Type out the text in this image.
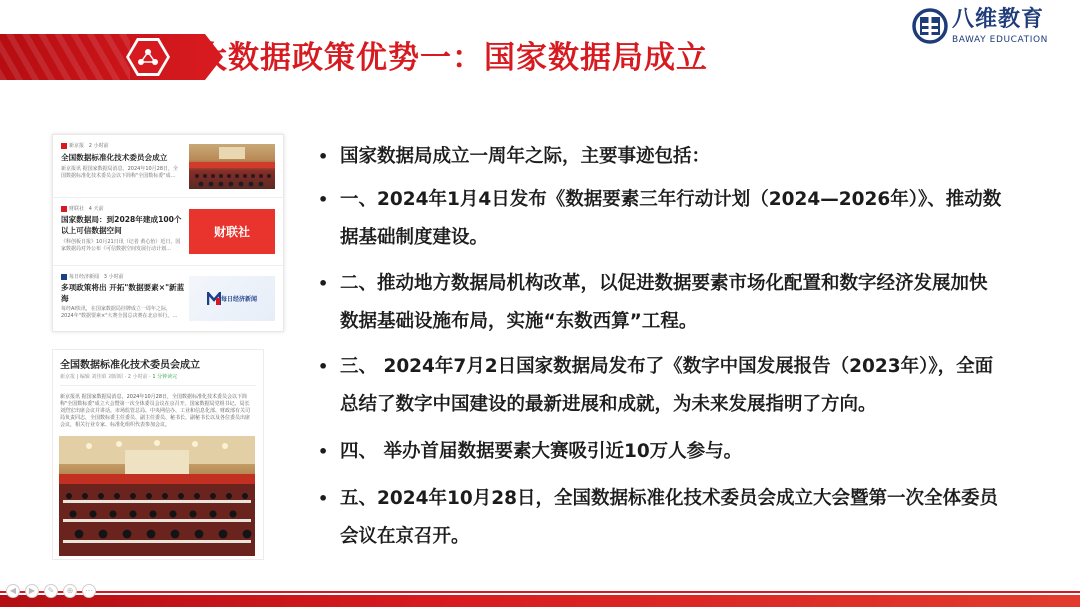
大数据政策优势一：国家数据局成立
八维教育
BAWAY EDUCATION
新京报 2 小时前
全国数据标准化技术委员会成立
新京报讯 据国家数据局消息，2024年10月28日，全国数据标准化技术委员会以下简称"全国数标委"成…
财联社 4 天前
国家数据局：到2028年建成100个以上可信数据空间
《科创板日报》10月21日讯（记者 黄心怡）近日，国家数据局对外公布《可信数据空间发展行动计划…
财联社
每日经济新闻 3 小时前
多项政策将出 开拓"数据要素×"新蓝海
每经AI快讯，在国家数据局挂牌成立一周年之际，2024年"数据要素×"大赛全国总决赛在北京举行。…
每日经济新闻
全国数据标准化技术委员会成立
新京报 | 编辑 刘佳昭 刘昭昭 · 2 小时前 · 1 分钟读完
新京报讯 据国家数据局消息，2024年10月28日，全国数据标准化技术委员会以下简称"全国数标委"成立大会暨第一次全体委员会议在京召开。国家数据局党组书记、局长刘烈宏出席会议并讲话。市场监管总局、中央网信办、工业和信息化部、财政部有关司局负责同志，全国数标委主任委员、副主任委员、秘书长、副秘书长以及各位委员出席会议，相关行业专家、标准化组织代表参加会议。
• 国家数据局成立一周年之际，主要事迹包括：
• 一、2024年1月4日发布《数据要素三年行动计划（2024—2026年）》、推动数据基础制度建设。
• 二、推动地方数据局机构改革，以促进数据要素市场化配置和数字经济发展加快数据基础设施布局，实施“东数西算”工程。
• 三、 2024年7月2日国家数据局发布了《数字中国发展报告（2023年）》，全面总结了数字中国建设的最新进展和成就，为未来发展指明了方向。
• 四、 举办首届数据要素大赛吸引近10万人参与。
• 五、2024年10月28日，全国数据标准化技术委员会成立大会暨第一次全体委员会议在京召开。
◀	▶	✎	⊕	⋯
